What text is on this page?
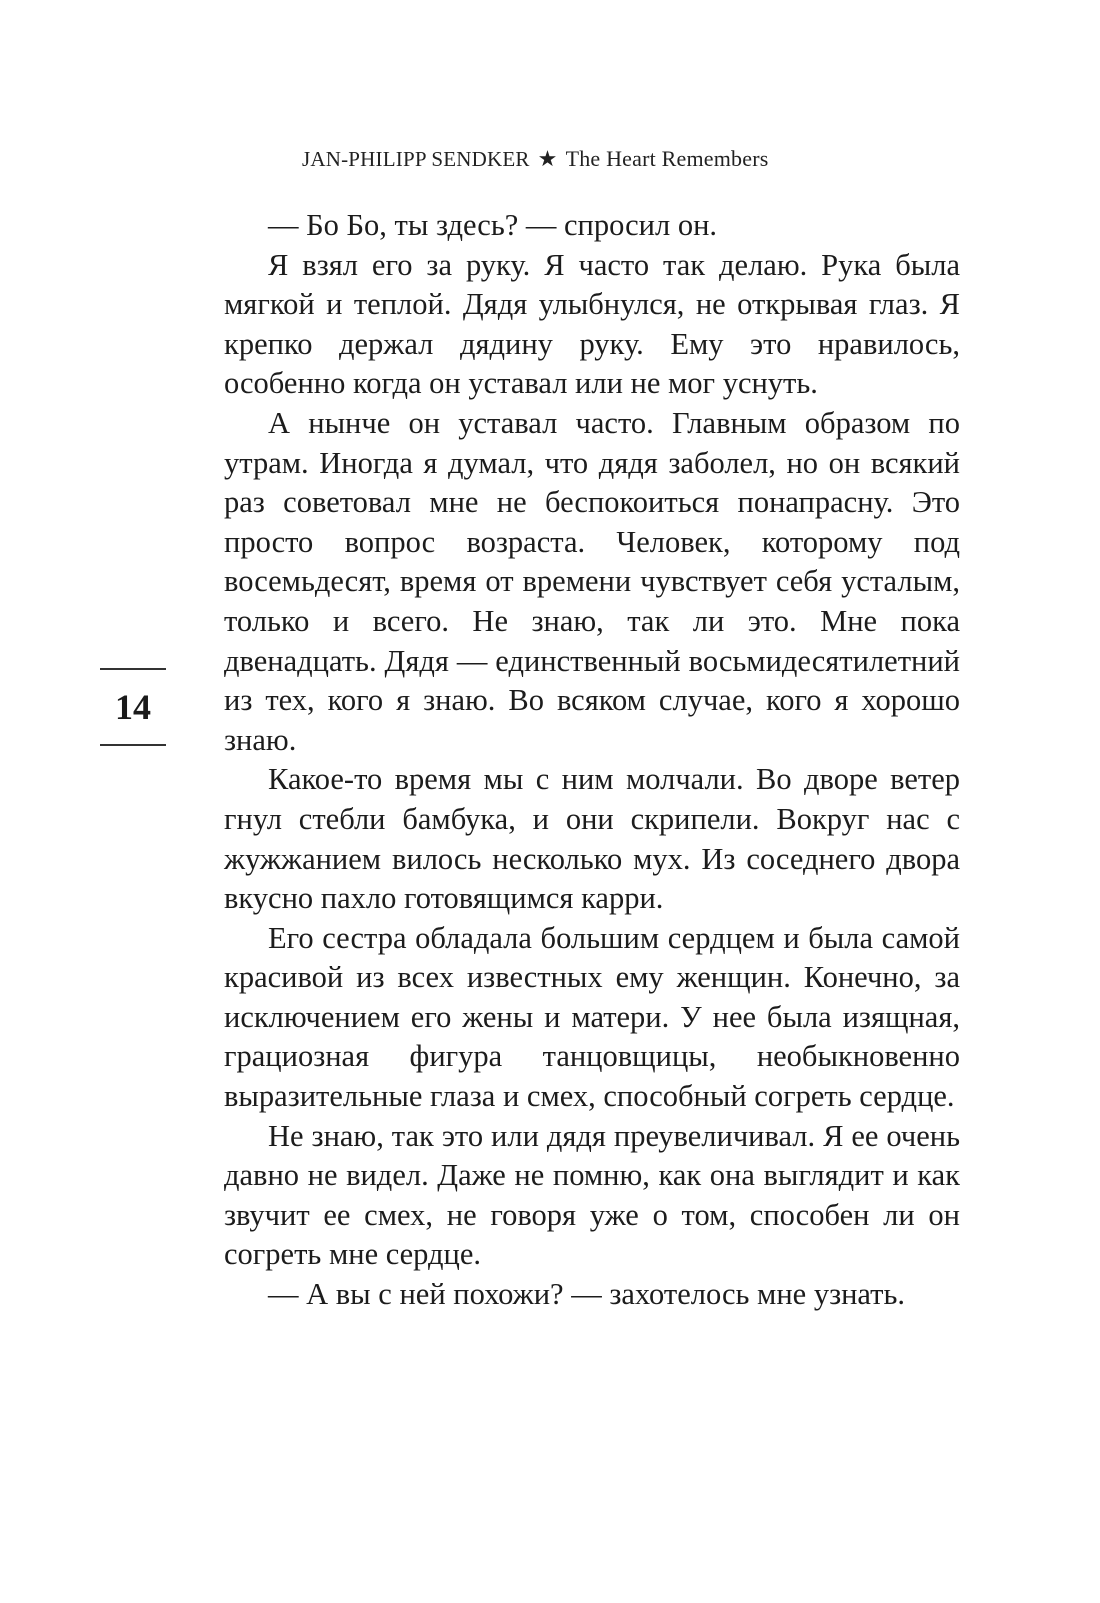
JAN-PHILIPP SENDKER ★ The Heart Remembers
14

— Бо Бо, ты здесь? — спросил он.

Я взял его за руку. Я часто так делаю. Рука была мягкой и теплой. Дядя улыбнулся, не открывая глаз. Я крепко держал дядину руку. Ему это нравилось, особенно когда он уставал или не мог уснуть.

А нынче он уставал часто. Главным образом по утрам. Иногда я думал, что дядя заболел, но он всякий раз советовал мне не беспокоиться понапрасну. Это просто вопрос возраста. Человек, которому под восемьдесят, время от времени чувствует себя усталым, только и всего. Не знаю, так ли это. Мне пока двенадцать. Дядя — единственный восьмидесятилетний из тех, кого я знаю. Во всяком случае, кого я хорошо знаю.

Какое-то время мы с ним молчали. Во дворе ветер гнул стебли бамбука, и они скрипели. Вокруг нас с жужжанием вилось несколько мух. Из соседнего двора вкусно пахло готовящимся карри.

Его сестра обладала большим сердцем и была самой красивой из всех известных ему женщин. Конечно, за исключением его жены и матери. У нее была изящная, грациозная фигура танцовщицы, необыкновенно выразительные глаза и смех, способный согреть сердце.

Не знаю, так это или дядя преувеличивал. Я ее очень давно не видел. Даже не помню, как она выглядит и как звучит ее смех, не говоря уже о том, способен ли он согреть мне сердце.

— А вы с ней похожи? — захотелось мне узнать.
